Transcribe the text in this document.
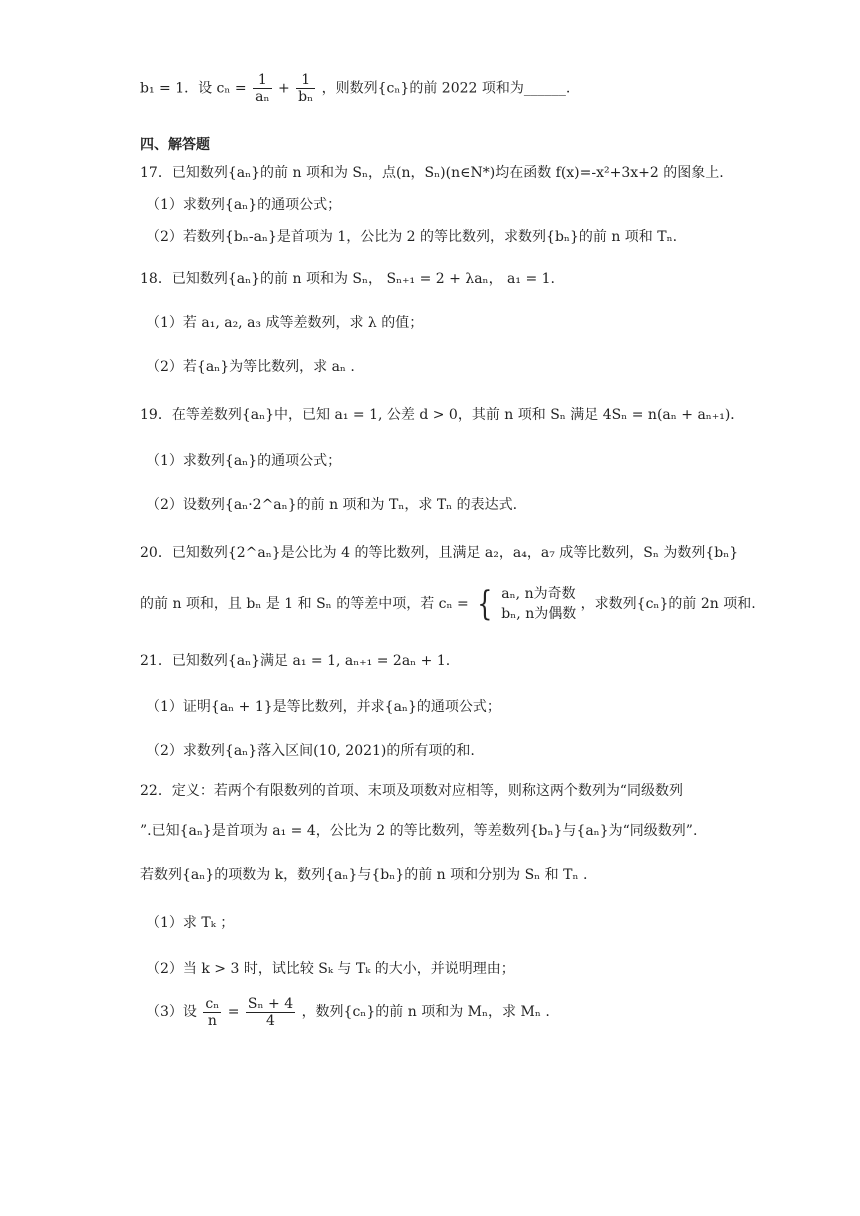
b₁ = 1．设 $c_n = \frac{1}{\text{aₙ}} + \frac{1}{\text{bₙ}}$ ，则数列{cₙ}的前 2022 项和为______.
四、解答题
17．已知数列{aₙ}的前 n 项和为 Sₙ，点(n，Sₙ)(n∈N*)均在函数 f(x)=-x²+3x+2 的图象上.
（1）求数列{aₙ}的通项公式；
（2）若数列{bₙ-aₙ}是首项为 1，公比为 2 的等比数列，求数列{bₙ}的前 n 项和 Tₙ.
18．已知数列{aₙ}的前 n 项和为 Sₙ， Sₙ₊₁ = 2 + λaₙ， a₁ = 1.
（1）若 a₁, a₂, a₃ 成等差数列，求 λ 的值；
（2）若{aₙ}为等比数列，求 aₙ .
19．在等差数列{aₙ}中，已知 a₁ = 1, 公差 d > 0，其前 n 项和 Sₙ 满足 4Sₙ = n(aₙ + aₙ₊₁)．
（1）求数列{aₙ}的通项公式；
（2）设数列{aₙ·2^aₙ}的前 n 项和为 Tₙ，求 Tₙ 的表达式.
20．已知数列{2^aₙ}是公比为 4 的等比数列，且满足 a₂，a₄，a₇ 成等比数列，Sₙ 为数列{bₙ}
的前 n 项和，且 bₙ 是 1 和 Sₙ 的等差中项，若 cₙ = { aₙ, n为奇数
bₙ, n为偶数
，求数列{cₙ}的前 2n 项和.
21．已知数列{aₙ}满足 a₁ = 1, aₙ₊₁ = 2aₙ + 1.
（1）证明{aₙ + 1}是等比数列，并求{aₙ}的通项公式；
（2）求数列{aₙ}落入区间(10, 2021)的所有项的和.
22．定义：若两个有限数列的首项、末项及项数对应相等，则称这两个数列为“同级数列
”.已知{aₙ}是首项为 a₁ = 4，公比为 2 的等比数列，等差数列{bₙ}与{aₙ}为“同级数列”.
若数列{aₙ}的项数为 k，数列{aₙ}与{bₙ}的前 n 项和分别为 Sₙ 和 Tₙ .
（1）求 Tₖ ；
（2）当 k > 3 时，试比较 Sₖ 与 Tₖ 的大小，并说明理由；
（3）设 $\frac{\text{cₙ}}{n} = \frac{\text{Sₙ + 4}}{4}$ ，数列{cₙ}的前 n 项和为 Mₙ，求 Mₙ .
